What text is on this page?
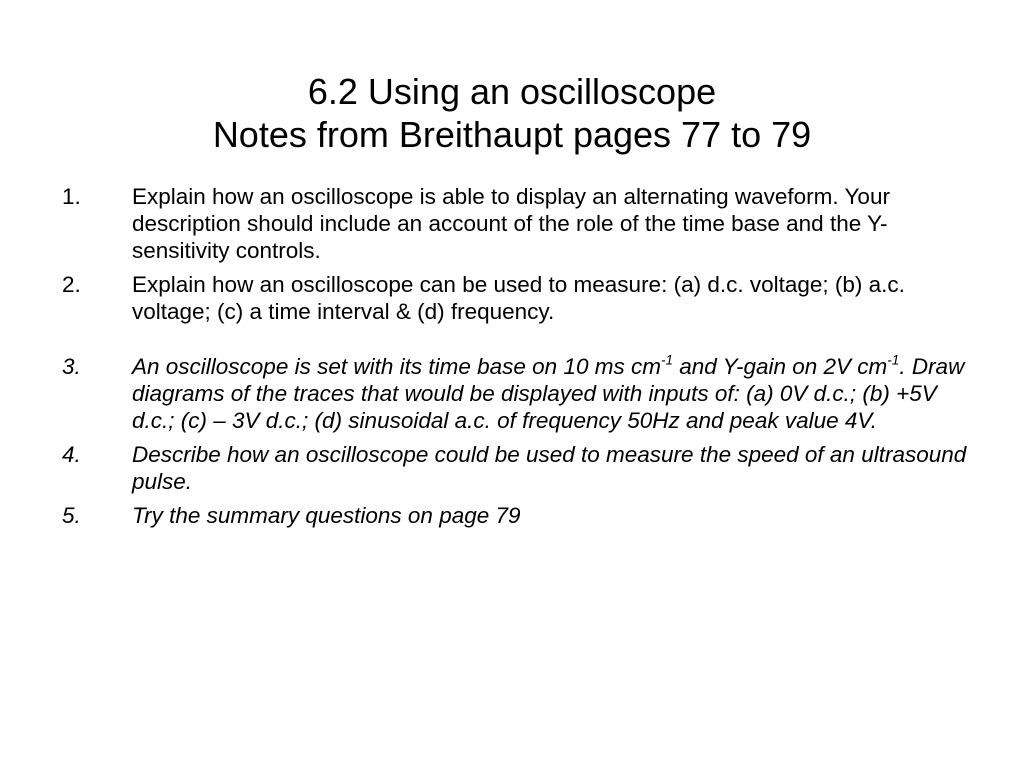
6.2 Using an oscilloscope
Notes from Breithaupt pages 77 to 79
1.	Explain how an oscilloscope is able to display an alternating waveform. Your description should include an account of the role of the time base and the Y-sensitivity controls.
2.	Explain how an oscilloscope can be used to measure: (a) d.c. voltage; (b) a.c. voltage; (c) a time interval & (d) frequency.
3.	An oscilloscope is set with its time base on 10 ms $cm^{-1}$ and Y-gain on 2V $cm^{-1}$. Draw diagrams of the traces that would be displayed with inputs of: (a) 0V d.c.; (b) +5V d.c.; (c) – 3V d.c.; (d) sinusoidal a.c. of frequency 50Hz and peak value 4V.
4.	Describe how an oscilloscope could be used to measure the speed of an ultrasound pulse.
5.	Try the summary questions on page 79
